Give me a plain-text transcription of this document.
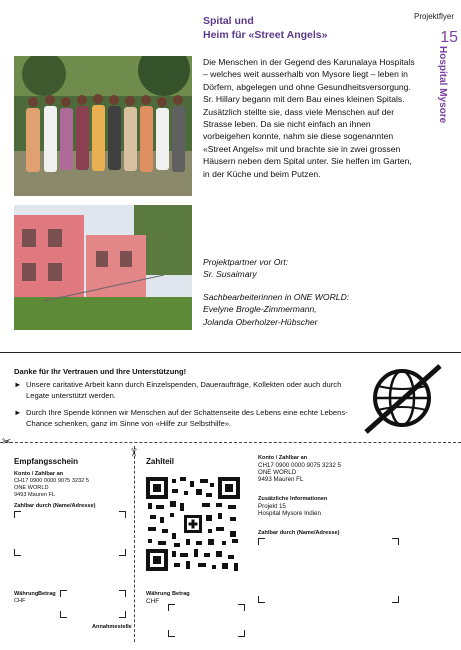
Spital und
Heim für «Street Angels»
Projektflyer
15
Hospital Mysore
Die Menschen in der Gegend des Karunalaya Hospitals – welches weit ausserhalb von Mysore liegt – leben in Dörfern, abgelegen und ohne Gesundheitsversorgung. Sr. Hillary begann mit dem Bau eines kleinen Spitals. Zusätzlich stellte sie, dass viele Menschen auf der Strasse leben. Da sie nicht einfach an ihnen vorbeigehen konnte, nahm sie diese sogenannten «Street Angels» mit und brachte sie in zwei grossen Häusern neben dem Spital unter. Sie helfen im Garten, in der Küche und beim Putzen.
Projektpartner vor Ort:
Sr. Susaimary
Sachbearbeiterinnen in ONE WORLD:
Evelyne Brogle-Zimmermann,
Jolanda Oberholzer-Hübscher
Danke für Ihr Vertrauen und Ihre Unterstützung!
► Unsere caritative Arbeit kann durch Einzelspenden, Daueraufträge, Kollekten oder auch durch Legate unterstützt werden.
► Durch Ihre Spende können wir Menschen auf der Schattenseite des Lebens eine echte Lebens-Chance schenken, ganz im Sinne von «Hilfe zur Selbsthilfe».
✂
✂
Empfangsschein
Konto / Zahlbar an
CH17 0900 0000 9075 3232 5
ONE WORLD
9493 Mauren FL
Zahlbar durch (Name/Adresse)
Währung Betrag
CHF
Annahmestelle
Zahlteil
Währung Betrag
CHF
Konto / Zahlbar an
CH17 0900 0000 9075 3232 5
ONE WORLD
9493 Mauren FL
Zusätzliche Informationen
Projekt 15
Hospital Mysore Indien
Zahlbar durch (Name/Adresse)
